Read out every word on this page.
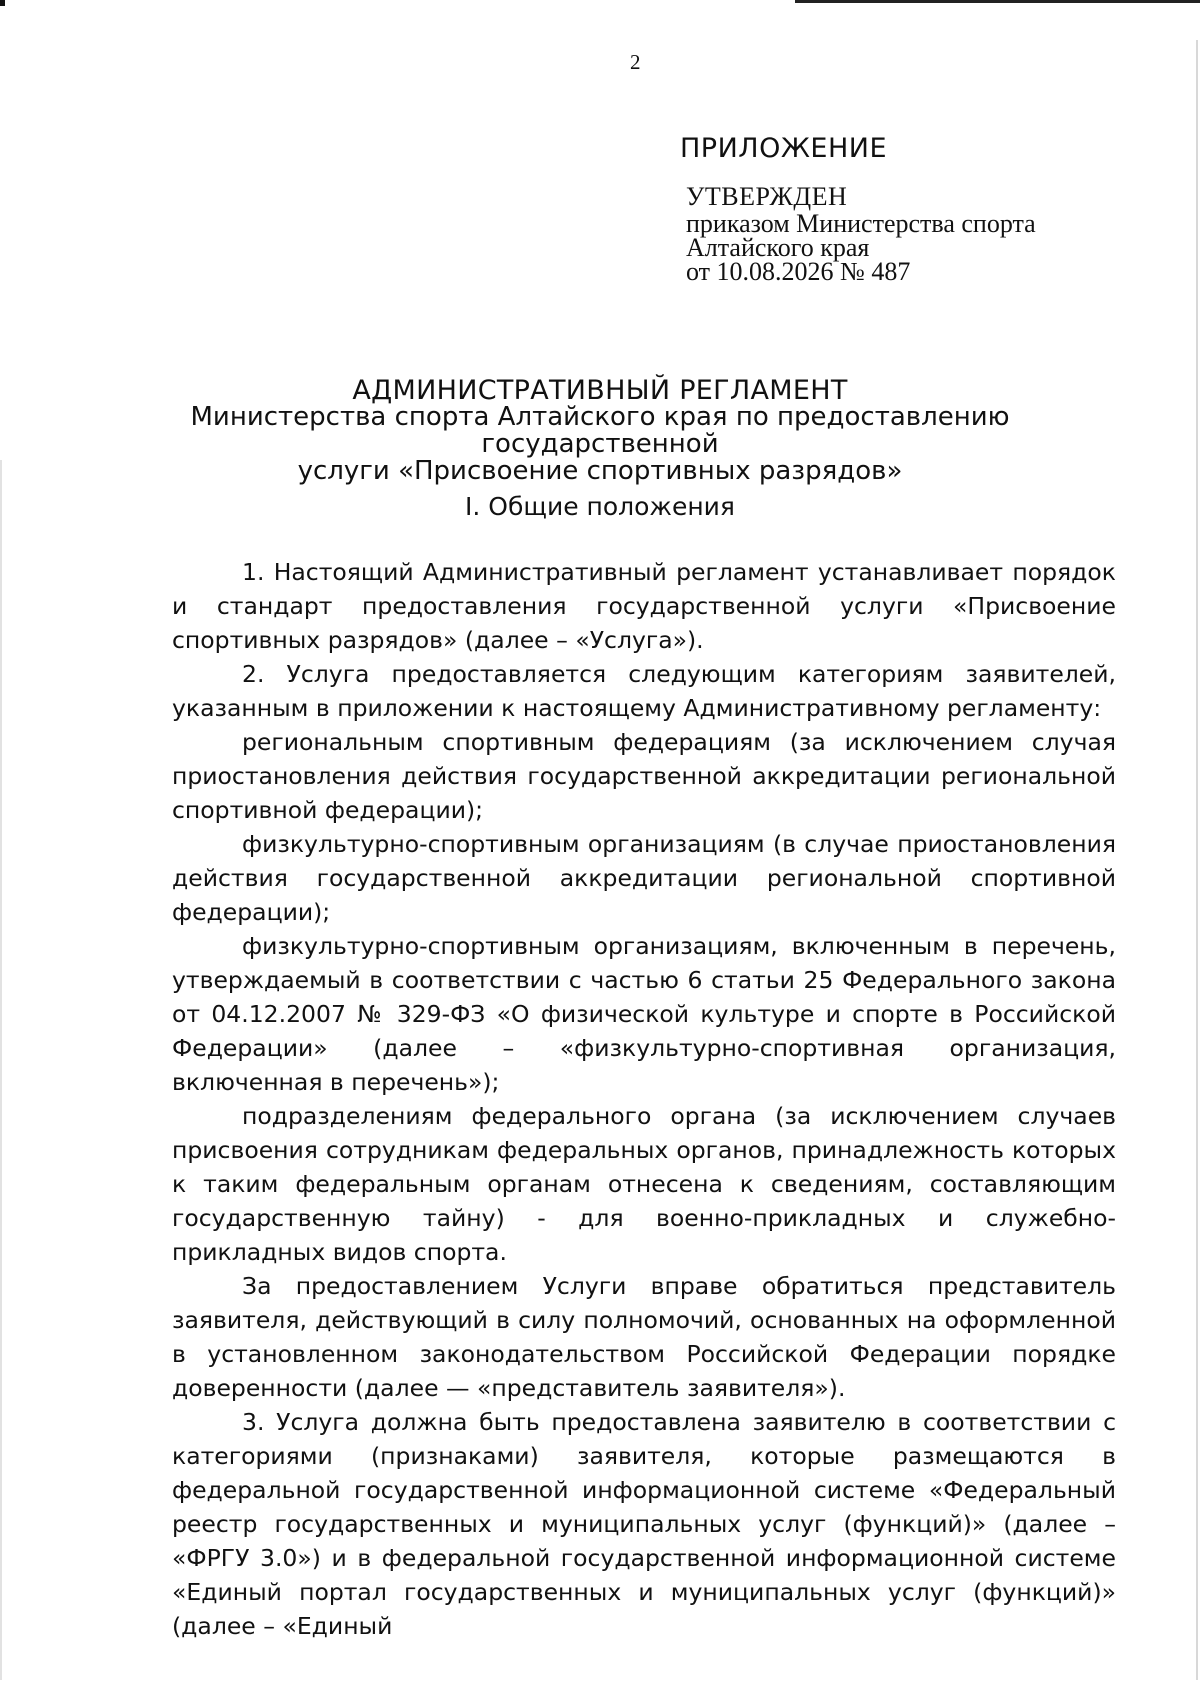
2
ПРИЛОЖЕНИЕ
УТВЕРЖДЕН
приказом Министерства спорта
Алтайского края
от 10.08.2026 № 487
АДМИНИСТРАТИВНЫЙ РЕГЛАМЕНТ
Министерства спорта Алтайского края по предоставлению государственной
услуги «Присвоение спортивных разрядов»
I. Общие положения

1. Настоящий Административный регламент устанавливает порядок и стандарт предоставления государственной услуги «Присвоение спортивных разрядов» (далее – «Услуга»).

2. Услуга предоставляется следующим категориям заявителей, указанным в приложении к настоящему Административному регламенту:

региональным спортивным федерациям (за исключением случая приостановления действия государственной аккредитации региональной спортивной федерации);

физкультурно-спортивным организациям (в случае приостановления действия государственной аккредитации региональной спортивной федерации);

физкультурно-спортивным организациям, включенным в перечень, утверждаемый в соответствии с частью 6 статьи 25 Федерального закона от 04.12.2007 № 329-ФЗ «О физической культуре и спорте в Российской Федерации» (далее – «физкультурно-спортивная организация, включенная в перечень»);

подразделениям федерального органа (за исключением случаев присвоения сотрудникам федеральных органов, принадлежность которых к таким федеральным органам отнесена к сведениям, составляющим государственную тайну) - для военно-прикладных и служебно-прикладных видов спорта.

За предоставлением Услуги вправе обратиться представитель заявителя, действующий в силу полномочий, основанных на оформленной в установленном законодательством Российской Федерации порядке доверенности (далее — «представитель заявителя»).

3. Услуга должна быть предоставлена заявителю в соответствии с категориями (признаками) заявителя, которые размещаются в федеральной государственной информационной системе «Федеральный реестр государственных и муниципальных услуг (функций)» (далее – «ФРГУ 3.0») и в федеральной государственной информационной системе «Единый портал государственных и муниципальных услуг (функций)» (далее – «Единый
